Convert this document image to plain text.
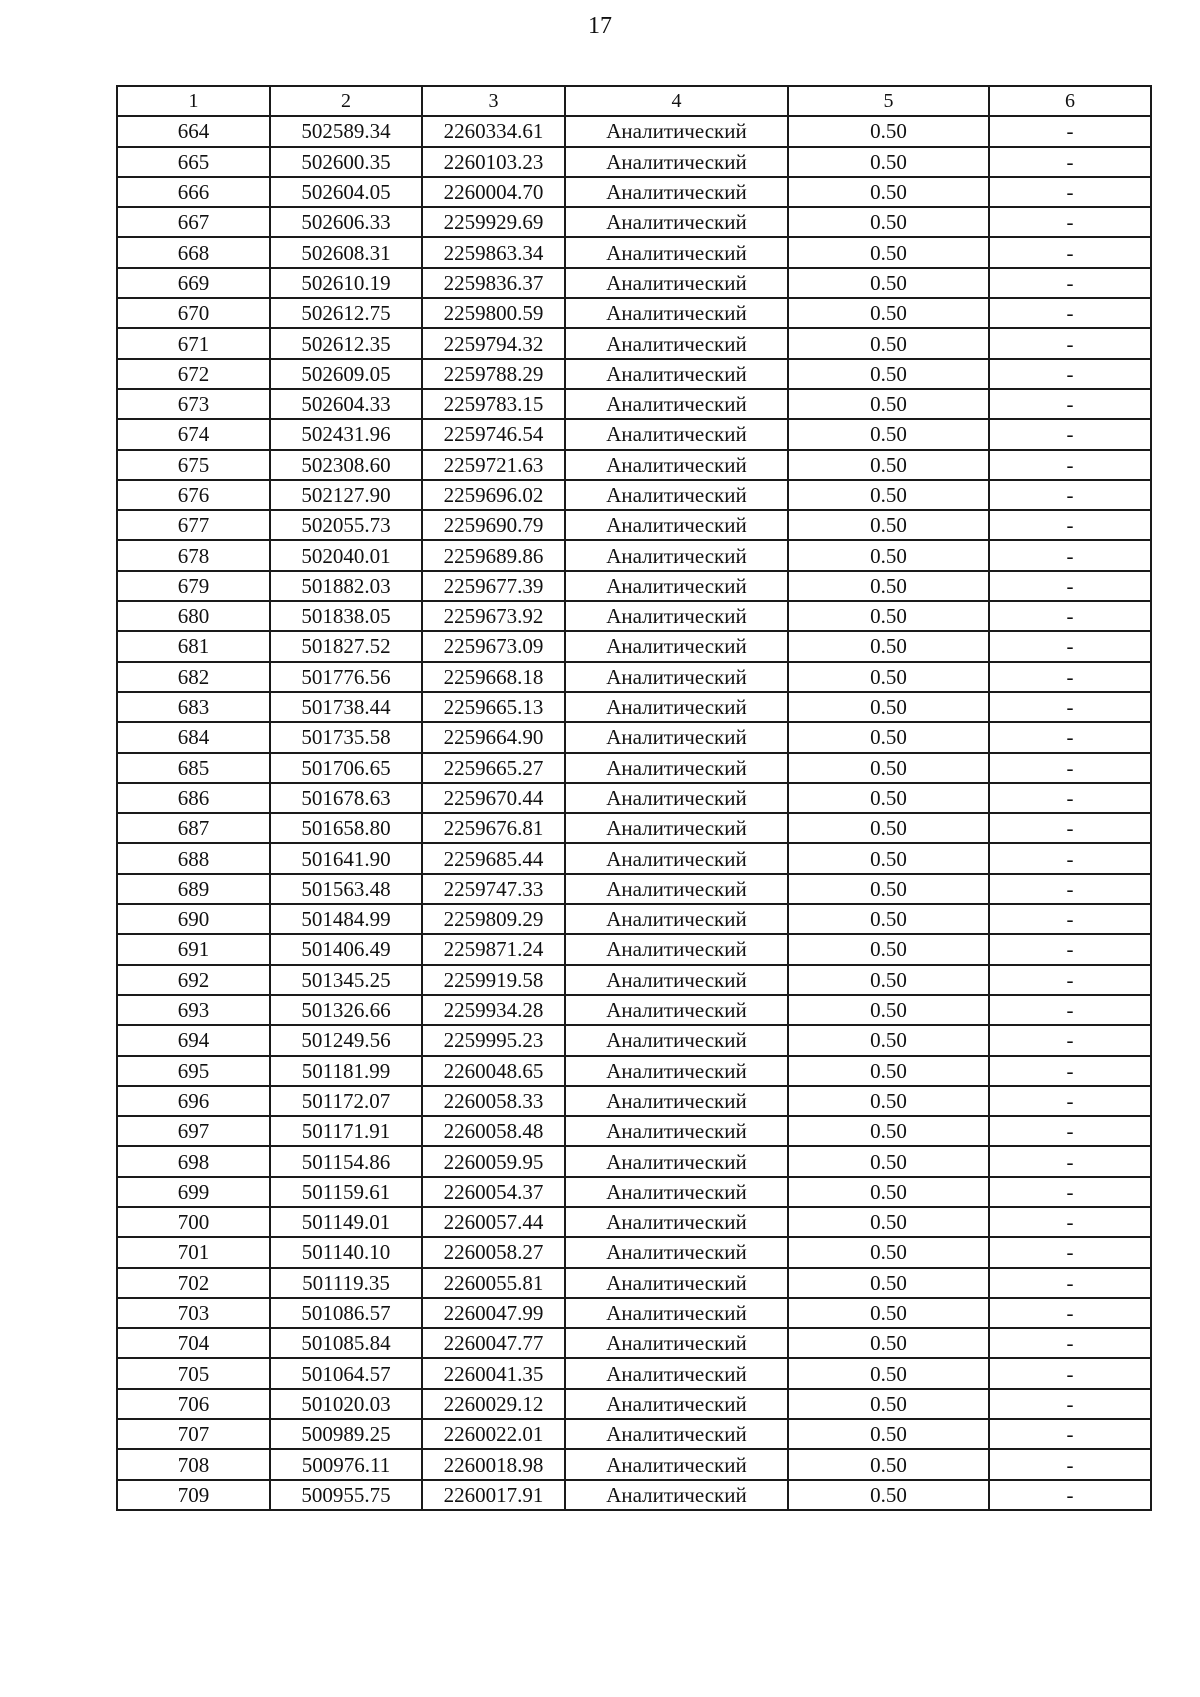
17
1	2	3	4	5	6
664	502589.34	2260334.61	Аналитический	0.50	-
665	502600.35	2260103.23	Аналитический	0.50	-
666	502604.05	2260004.70	Аналитический	0.50	-
667	502606.33	2259929.69	Аналитический	0.50	-
668	502608.31	2259863.34	Аналитический	0.50	-
669	502610.19	2259836.37	Аналитический	0.50	-
670	502612.75	2259800.59	Аналитический	0.50	-
671	502612.35	2259794.32	Аналитический	0.50	-
672	502609.05	2259788.29	Аналитический	0.50	-
673	502604.33	2259783.15	Аналитический	0.50	-
674	502431.96	2259746.54	Аналитический	0.50	-
675	502308.60	2259721.63	Аналитический	0.50	-
676	502127.90	2259696.02	Аналитический	0.50	-
677	502055.73	2259690.79	Аналитический	0.50	-
678	502040.01	2259689.86	Аналитический	0.50	-
679	501882.03	2259677.39	Аналитический	0.50	-
680	501838.05	2259673.92	Аналитический	0.50	-
681	501827.52	2259673.09	Аналитический	0.50	-
682	501776.56	2259668.18	Аналитический	0.50	-
683	501738.44	2259665.13	Аналитический	0.50	-
684	501735.58	2259664.90	Аналитический	0.50	-
685	501706.65	2259665.27	Аналитический	0.50	-
686	501678.63	2259670.44	Аналитический	0.50	-
687	501658.80	2259676.81	Аналитический	0.50	-
688	501641.90	2259685.44	Аналитический	0.50	-
689	501563.48	2259747.33	Аналитический	0.50	-
690	501484.99	2259809.29	Аналитический	0.50	-
691	501406.49	2259871.24	Аналитический	0.50	-
692	501345.25	2259919.58	Аналитический	0.50	-
693	501326.66	2259934.28	Аналитический	0.50	-
694	501249.56	2259995.23	Аналитический	0.50	-
695	501181.99	2260048.65	Аналитический	0.50	-
696	501172.07	2260058.33	Аналитический	0.50	-
697	501171.91	2260058.48	Аналитический	0.50	-
698	501154.86	2260059.95	Аналитический	0.50	-
699	501159.61	2260054.37	Аналитический	0.50	-
700	501149.01	2260057.44	Аналитический	0.50	-
701	501140.10	2260058.27	Аналитический	0.50	-
702	501119.35	2260055.81	Аналитический	0.50	-
703	501086.57	2260047.99	Аналитический	0.50	-
704	501085.84	2260047.77	Аналитический	0.50	-
705	501064.57	2260041.35	Аналитический	0.50	-
706	501020.03	2260029.12	Аналитический	0.50	-
707	500989.25	2260022.01	Аналитический	0.50	-
708	500976.11	2260018.98	Аналитический	0.50	-
709	500955.75	2260017.91	Аналитический	0.50	-
